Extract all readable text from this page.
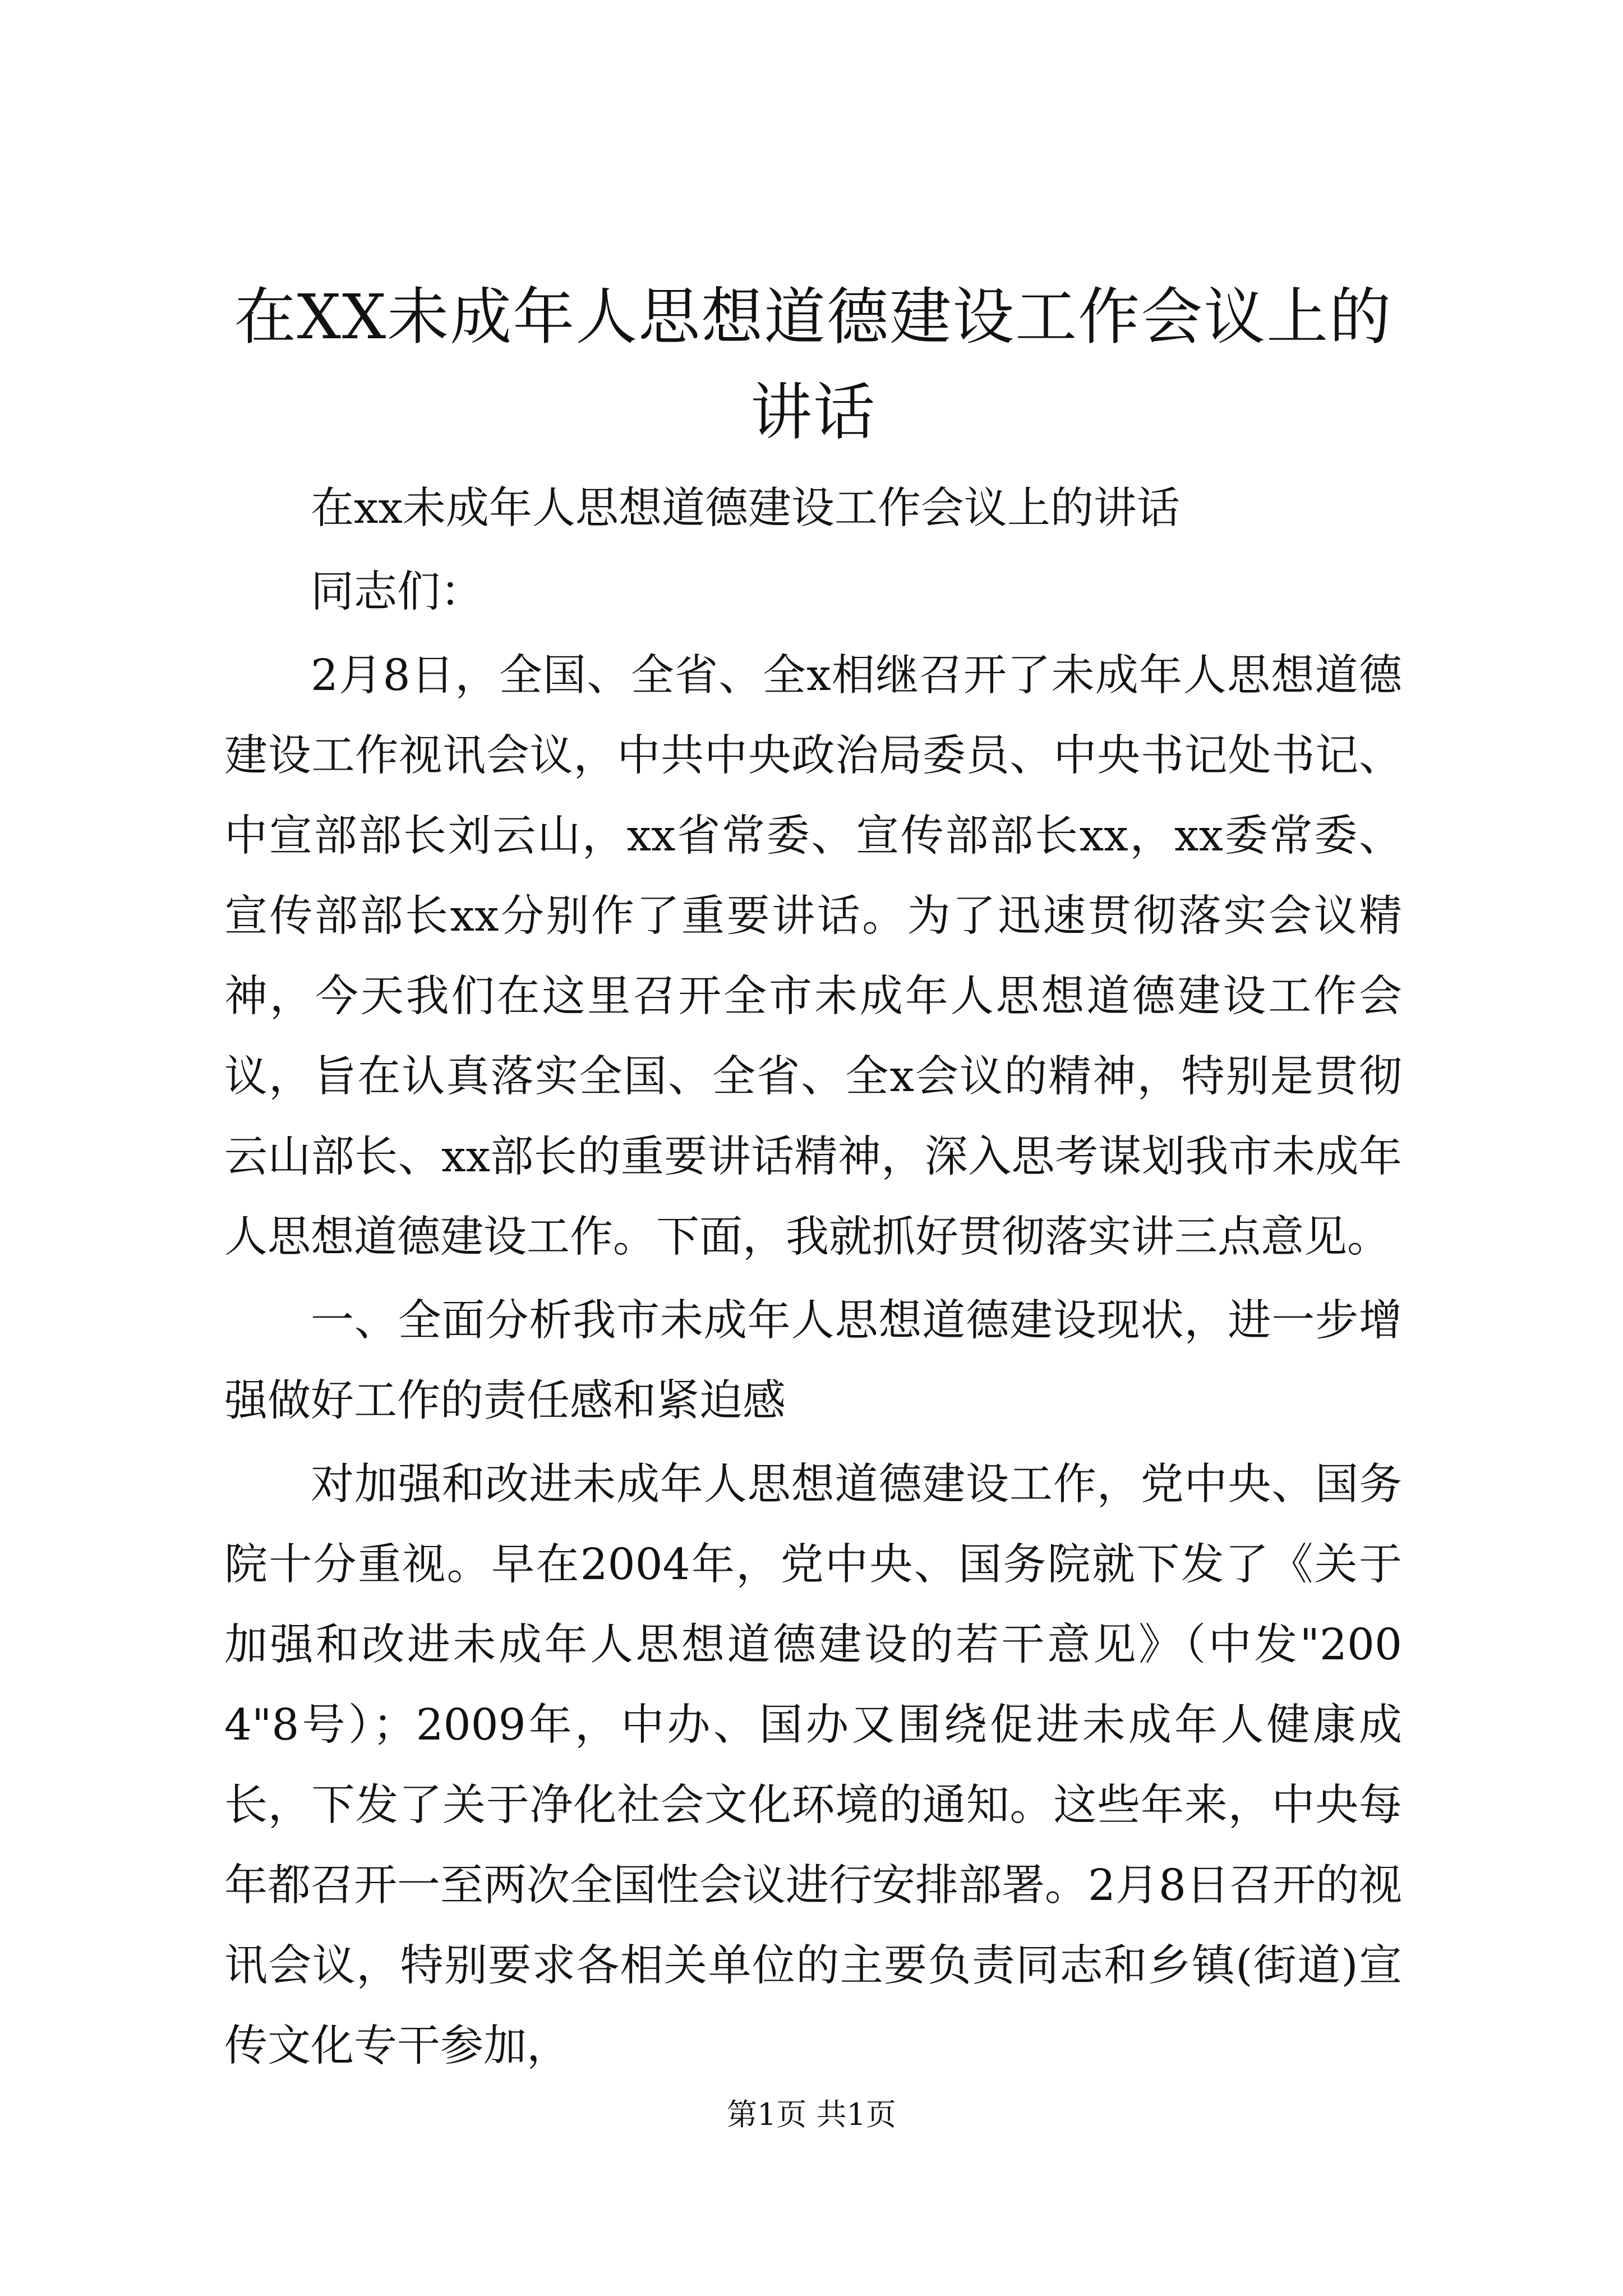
在XX未成年人思想道德建设工作会议上的讲话

在xx未成年人思想道德建设工作会议上的讲话

同志们：

2月8日，全国、全省、全x相继召开了未成年人思想道德建设工作视讯会议，中共中央政治局委员、中央书记处书记、中宣部部长刘云山，xx省常委、宣传部部长xx，xx委常委、宣传部部长xx分别作了重要讲话。为了迅速贯彻落实会议精神，今天我们在这里召开全市未成年人思想道德建设工作会议，旨在认真落实全国、全省、全x会议的精神，特别是贯彻云山部长、xx部长的重要讲话精神，深入思考谋划我市未成年人思想道德建设工作。下面，我就抓好贯彻落实讲三点意见。

一、全面分析我市未成年人思想道德建设现状，进一步增强做好工作的责任感和紧迫感

对加强和改进未成年人思想道德建设工作，党中央、国务院十分重视。早在2004年，党中央、国务院就下发了《关于加强和改进未成年人思想道德建设的若干意见》（中发"2004"8号）；2009年，中办、国办又围绕促进未成年人健康成长，下发了关于净化社会文化环境的通知。这些年来，中央每年都召开一至两次全国性会议进行安排部署。2月8日召开的视讯会议，特别要求各相关单位的主要负责同志和乡镇(街道)宣传文化专干参加，

第1页 共1页
